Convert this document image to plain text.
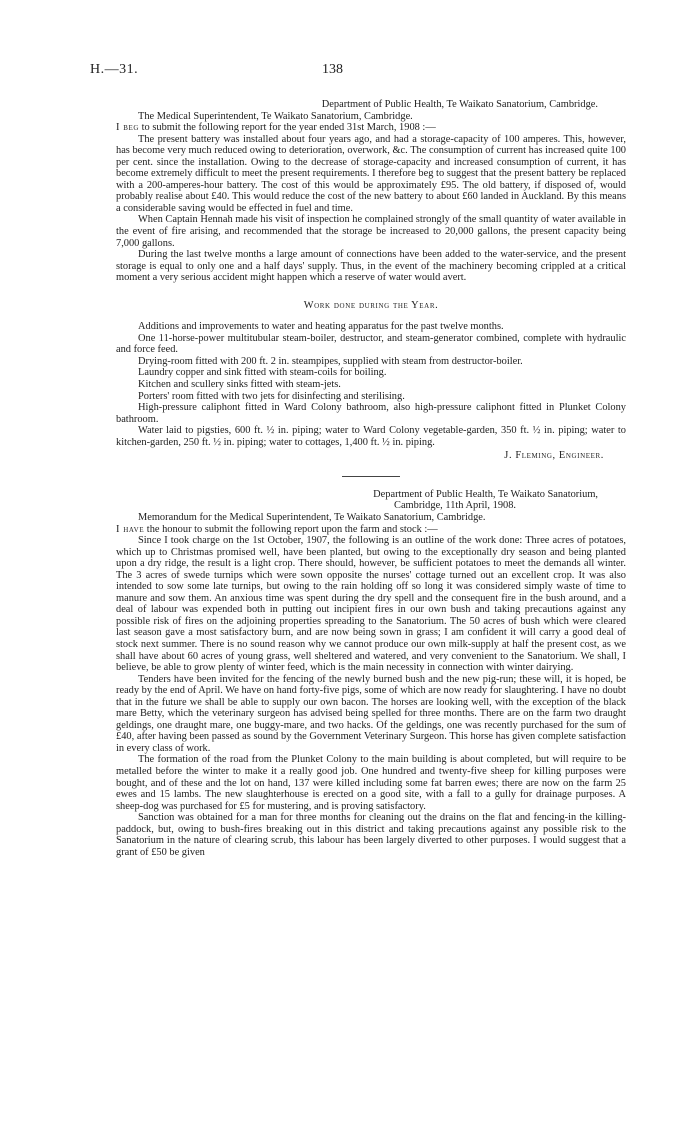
H.—31.	138

Department of Public Health, Te Waikato Sanatorium, Cambridge.

The Medical Superintendent, Te Waikato Sanatorium, Cambridge.

I beg to submit the following report for the year ended 31st March, 1908 :—

The present battery was installed about four years ago, and had a storage-capacity of 100 amperes. This, however, has become very much reduced owing to deterioration, overwork, &c. The consumption of current has increased quite 100 per cent. since the installation. Owing to the decrease of storage-capacity and increased consumption of current, it has become extremely difficult to meet the present requirements. I therefore beg to suggest that the present battery be replaced with a 200-amperes-hour battery. The cost of this would be approximately £95. The old battery, if disposed of, would probably realise about £40. This would reduce the cost of the new battery to about £60 landed in Auckland. By this means a considerable saving would be effected in fuel and time.

When Captain Hennah made his visit of inspection he complained strongly of the small quantity of water available in the event of fire arising, and recommended that the storage be increased to 20,000 gallons, the present capacity being 7,000 gallons.

During the last twelve months a large amount of connections have been added to the water-service, and the present storage is equal to only one and a half days' supply. Thus, in the event of the machinery becoming crippled at a critical moment a very serious accident might happen which a reserve of water would avert.

Work done during the Year.

Additions and improvements to water and heating apparatus for the past twelve months.

One 11-horse-power multitubular steam-boiler, destructor, and steam-generator combined, complete with hydraulic and force feed.

Drying-room fitted with 200 ft. 2 in. steampipes, supplied with steam from destructor-boiler.

Laundry copper and sink fitted with steam-coils for boiling.

Kitchen and scullery sinks fitted with steam-jets.

Porters' room fitted with two jets for disinfecting and sterilising.

High-pressure caliphont fitted in Ward Colony bathroom, also high-pressure caliphont fitted in Plunket Colony bathroom.

Water laid to pigsties, 600 ft. ½ in. piping; water to Ward Colony vegetable-garden, 350 ft. ½ in. piping; water to kitchen-garden, 250 ft. ½ in. piping; water to cottages, 1,400 ft. ½ in. piping.

J. Fleming, Engineer.

Department of Public Health, Te Waikato Sanatorium,

Cambridge, 11th April, 1908.

Memorandum for the Medical Superintendent, Te Waikato Sanatorium, Cambridge.

I have the honour to submit the following report upon the farm and stock :—

Since I took charge on the 1st October, 1907, the following is an outline of the work done: Three acres of potatoes, which up to Christmas promised well, have been planted, but owing to the exceptionally dry season and being planted upon a dry ridge, the result is a light crop. There should, however, be sufficient potatoes to meet the demands all winter. The 3 acres of swede turnips which were sown opposite the nurses' cottage turned out an excellent crop. It was also intended to sow some late turnips, but owing to the rain holding off so long it was considered simply waste of time to manure and sow them. An anxious time was spent during the dry spell and the consequent fire in the bush around, and a deal of labour was expended both in putting out incipient fires in our own bush and taking precautions against any possible risk of fires on the adjoining properties spreading to the Sanatorium. The 50 acres of bush which were cleared last season gave a most satisfactory burn, and are now being sown in grass; I am confident it will carry a good deal of stock next summer. There is no sound reason why we cannot produce our own milk-supply at half the present cost, as we shall have about 60 acres of young grass, well sheltered and watered, and very convenient to the Sanatorium. We shall, I believe, be able to grow plenty of winter feed, which is the main necessity in connection with winter dairying.

Tenders have been invited for the fencing of the newly burned bush and the new pig-run; these will, it is hoped, be ready by the end of April. We have on hand forty-five pigs, some of which are now ready for slaughtering. I have no doubt that in the future we shall be able to supply our own bacon. The horses are looking well, with the exception of the black mare Betty, which the veterinary surgeon has advised being spelled for three months. There are on the farm two draught geldings, one draught mare, one buggy-mare, and two hacks. Of the geldings, one was recently purchased for the sum of £40, after having been passed as sound by the Government Veterinary Surgeon. This horse has given complete satisfaction in every class of work.

The formation of the road from the Plunket Colony to the main building is about completed, but will require to be metalled before the winter to make it a really good job. One hundred and twenty-five sheep for killing purposes were bought, and of these and the lot on hand, 137 were killed including some fat barren ewes; there are now on the farm 25 ewes and 15 lambs. The new slaughterhouse is erected on a good site, with a fall to a gully for drainage purposes. A sheep-dog was purchased for £5 for mustering, and is proving satisfactory.

Sanction was obtained for a man for three months for cleaning out the drains on the flat and fencing-in the killing-paddock, but, owing to bush-fires breaking out in this district and taking precautions against any possible risk to the Sanatorium in the nature of clearing scrub, this labour has been largely diverted to other purposes. I would suggest that a grant of £50 be given
